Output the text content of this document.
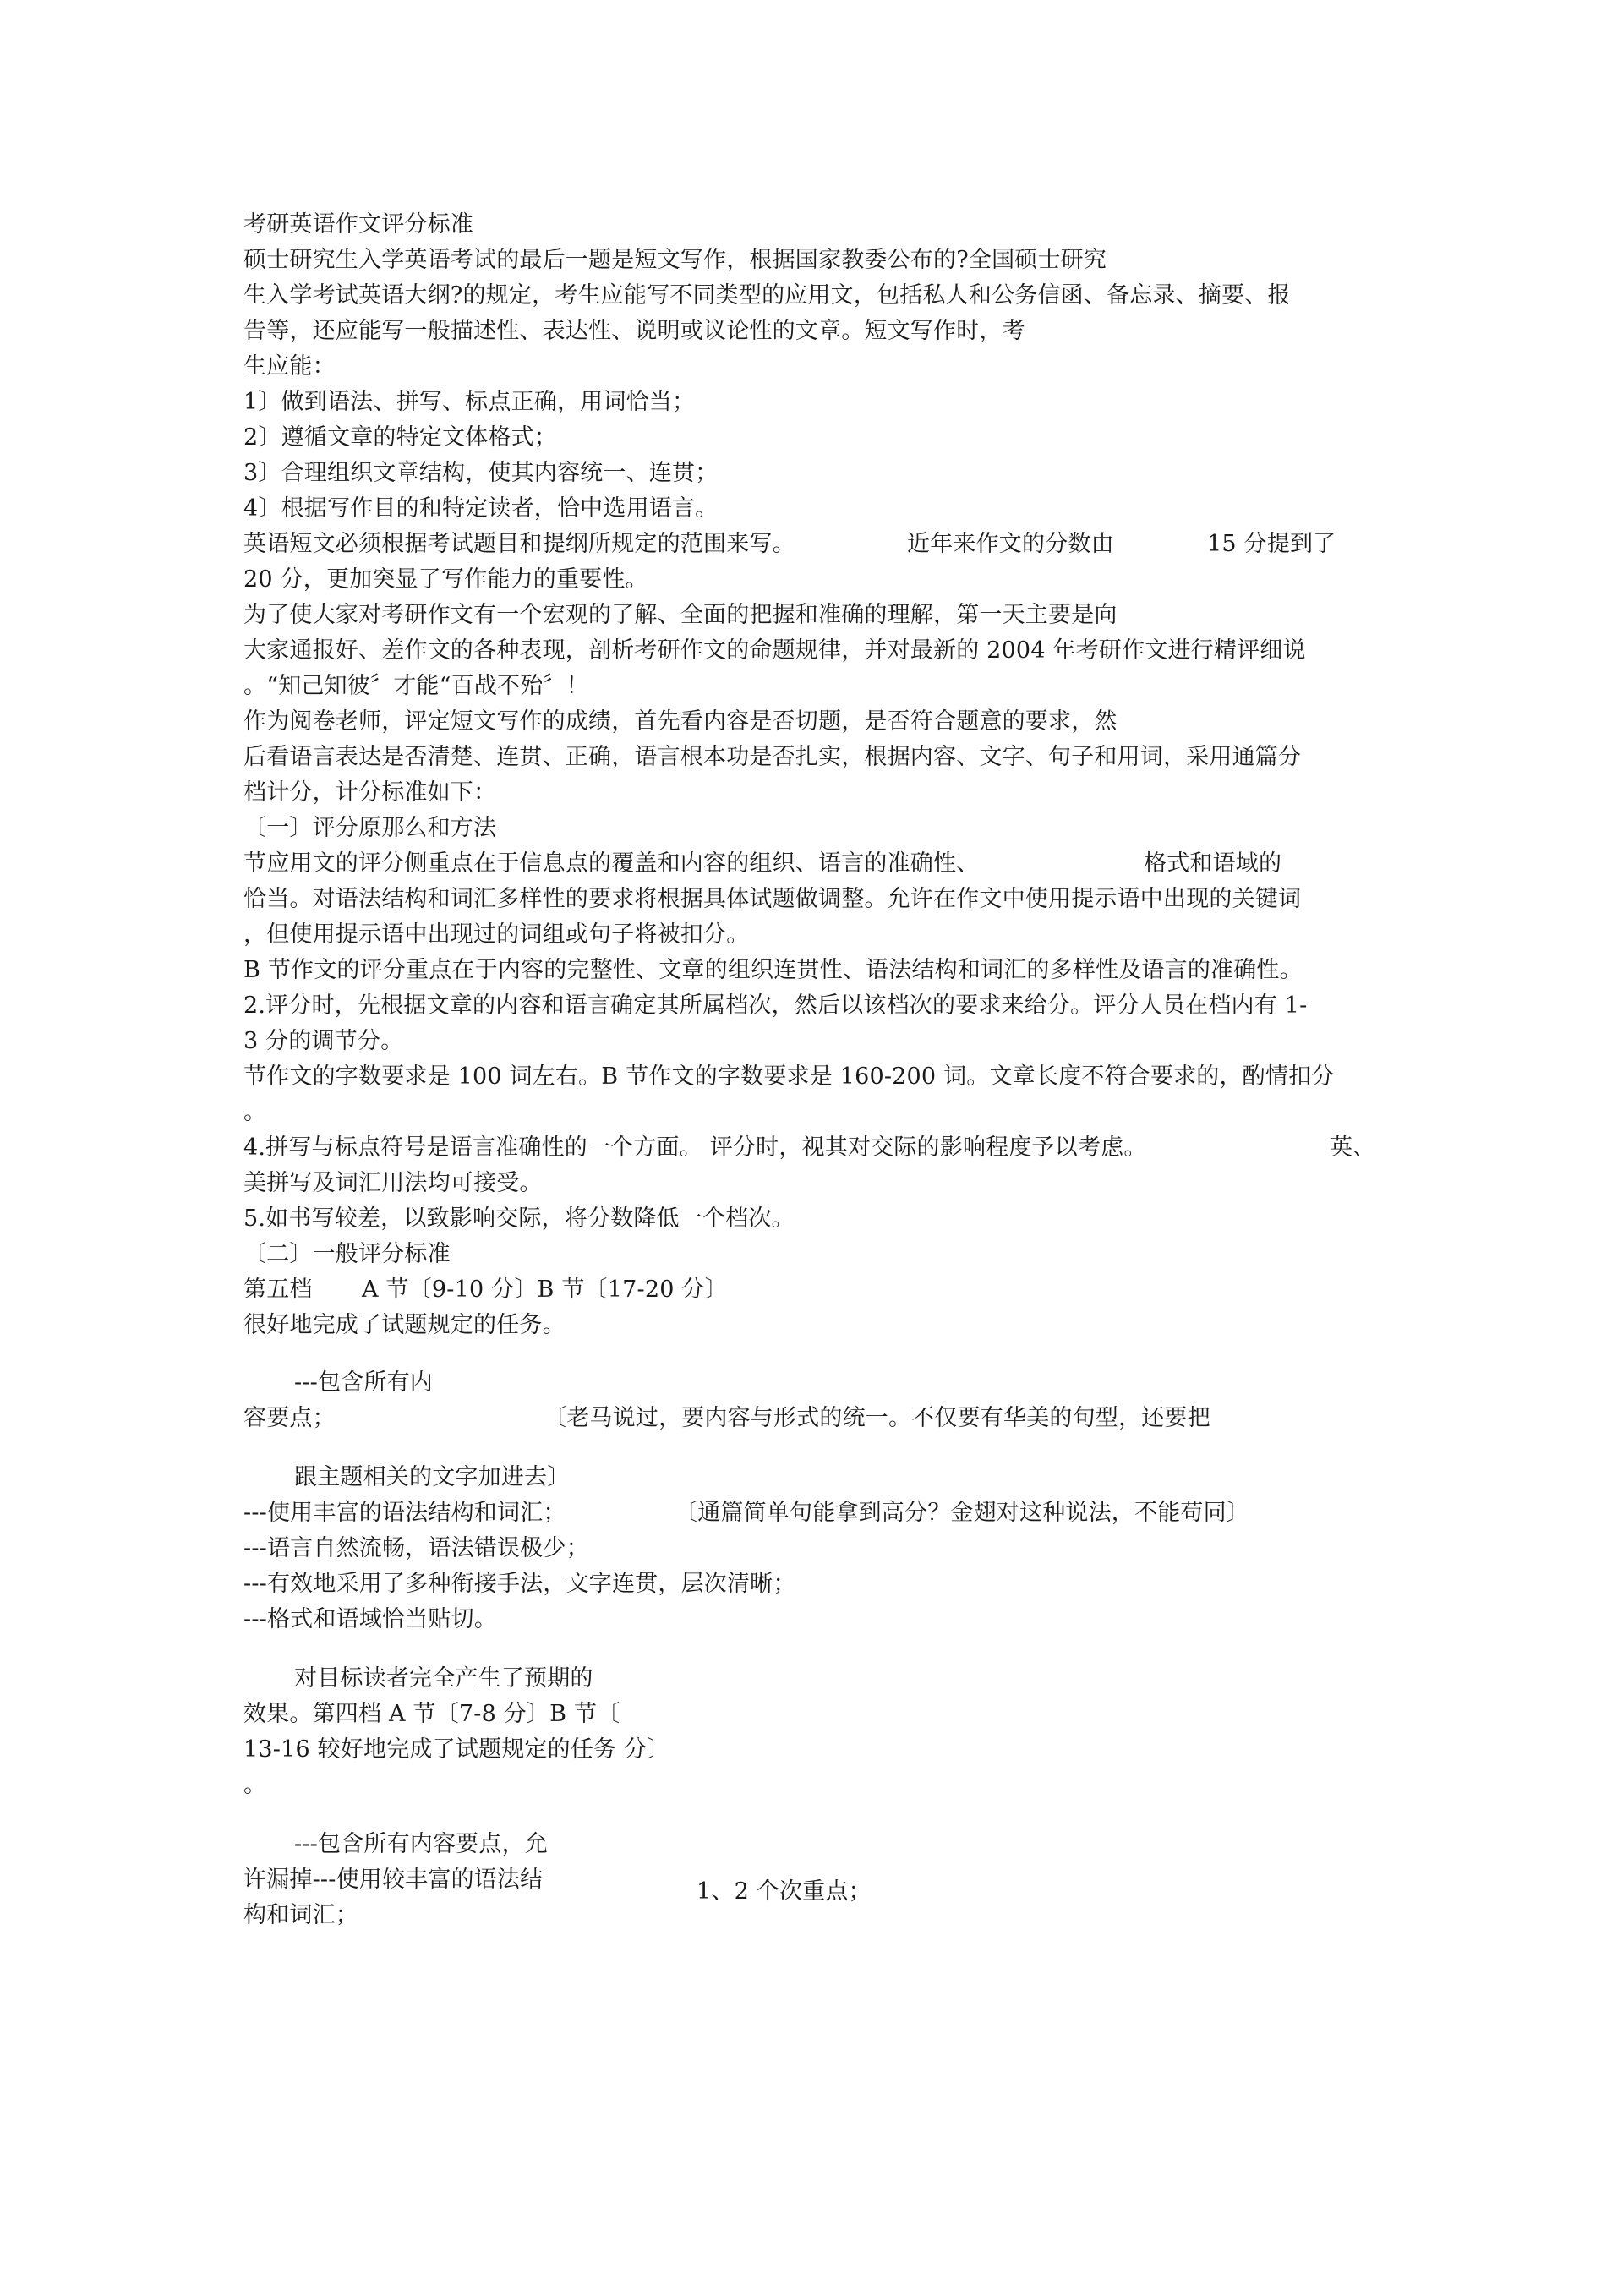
考研英语作文评分标准
硕士研究生入学英语考试的最后一题是短文写作，根据国家教委公布的?全国硕士研究
生入学考试英语大纲?的规定，考生应能写不同类型的应用文，包括私人和公务信函、备忘录、摘要、报
告等，还应能写一般描述性、表达性、说明或议论性的文章。短文写作时，考
生应能：
1〕做到语法、拼写、标点正确，用词恰当；
2〕遵循文章的特定文体格式；
3〕合理组织文章结构，使其内容统一、连贯；
4〕根据写作目的和特定读者，恰中选用语言。
英语短文必须根据考试题目和提纲所规定的范围来写。	近年来作文的分数由	15 分提到了
20 分，更加突显了写作能力的重要性。
为了使大家对考研作文有一个宏观的了解、全面的把握和准确的理解，第一天主要是向
大家通报好、差作文的各种表现，剖析考研作文的命题规律，并对最新的 2004 年考研作文进行精评细说
。“知己知彼〞才能“百战不殆〞！
作为阅卷老师，评定短文写作的成绩，首先看内容是否切题，是否符合题意的要求，然
后看语言表达是否清楚、连贯、正确，语言根本功是否扎实，根据内容、文字、句子和用词，采用通篇分
档计分，计分标准如下：
〔一〕评分原那么和方法
节应用文的评分侧重点在于信息点的覆盖和内容的组织、语言的准确性、	格式和语域的
恰当。对语法结构和词汇多样性的要求将根据具体试题做调整。允许在作文中使用提示语中出现的关键词
，但使用提示语中出现过的词组或句子将被扣分。
B 节作文的评分重点在于内容的完整性、文章的组织连贯性、语法结构和词汇的多样性及语言的准确性。
2.评分时，先根据文章的内容和语言确定其所属档次，然后以该档次的要求来给分。评分人员在档内有 1-
3 分的调节分。
节作文的字数要求是 100 词左右。B 节作文的字数要求是 160-200 词。文章长度不符合要求的，酌情扣分
。
4.拼写与标点符号是语言准确性的一个方面。 评分时，视其对交际的影响程度予以考虑。	英、
美拼写及词汇用法均可接受。
5.如书写较差，以致影响交际，将分数降低一个档次。
〔二〕一般评分标准
第五档 A 节〔9-10 分〕B 节〔17-20 分〕
很好地完成了试题规定的任务。
---包含所有内
容要点；	〔老马说过，要内容与形式的统一。不仅要有华美的句型，还要把
跟主题相关的文字加进去〕
---使用丰富的语法结构和词汇；	〔通篇简单句能拿到高分？金翅对这种说法，不能苟同〕
---语言自然流畅，语法错误极少；
---有效地采用了多种衔接手法，文字连贯，层次清晰；
---格式和语域恰当贴切。
对目标读者完全产生了预期的
效果。第四档 A 节〔7-8 分〕B 节〔
13-16 较好地完成了试题规定的任务 分〕
。
---包含所有内容要点，允
许漏掉---使用较丰富的语法结	1、2 个次重点；
构和词汇；
